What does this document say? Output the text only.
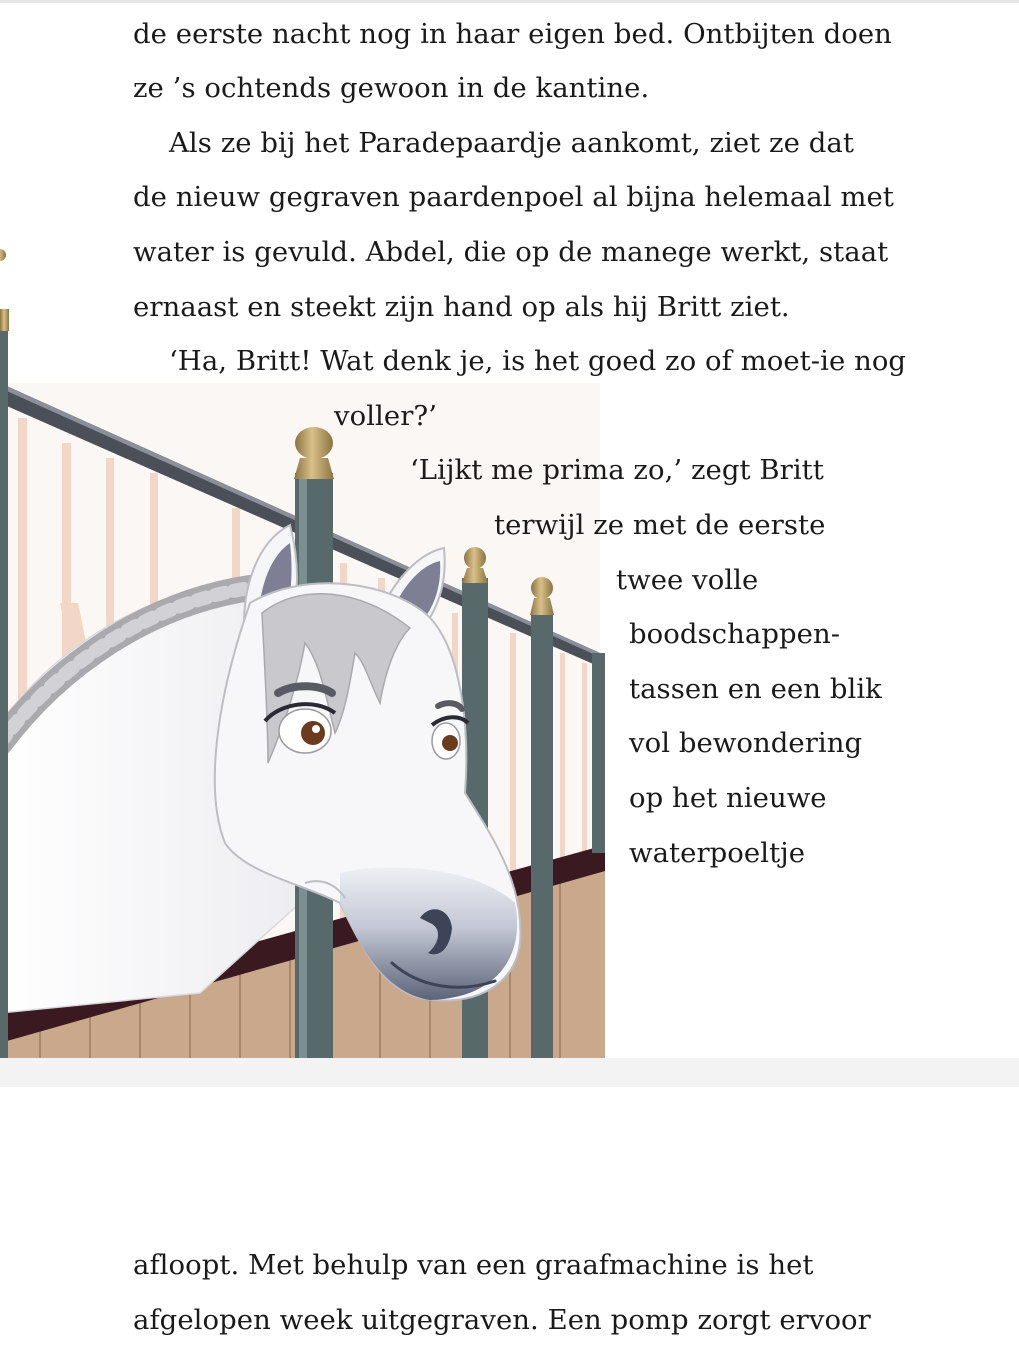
de eerste nacht nog in haar eigen bed. Ontbijten doen
ze ’s ochtends gewoon in de kantine.
Als ze bij het Paradepaardje aankomt, ziet ze dat
de nieuw gegraven paardenpoel al bijna helemaal met
water is gevuld. Abdel, die op de manege werkt, staat
ernaast en steekt zijn hand op als hij Britt ziet.
‘Ha, Britt! Wat denk je, is het goed zo of moet-ie nog
voller?’
‘Lijkt me prima zo,’ zegt Britt
terwijl ze met de eerste
twee volle
boodschappen-
tassen en een blik
vol bewondering
op het nieuwe
waterpoeltje
afloopt. Met behulp van een graafmachine is het
afgelopen week uitgegraven. Een pomp zorgt ervoor
